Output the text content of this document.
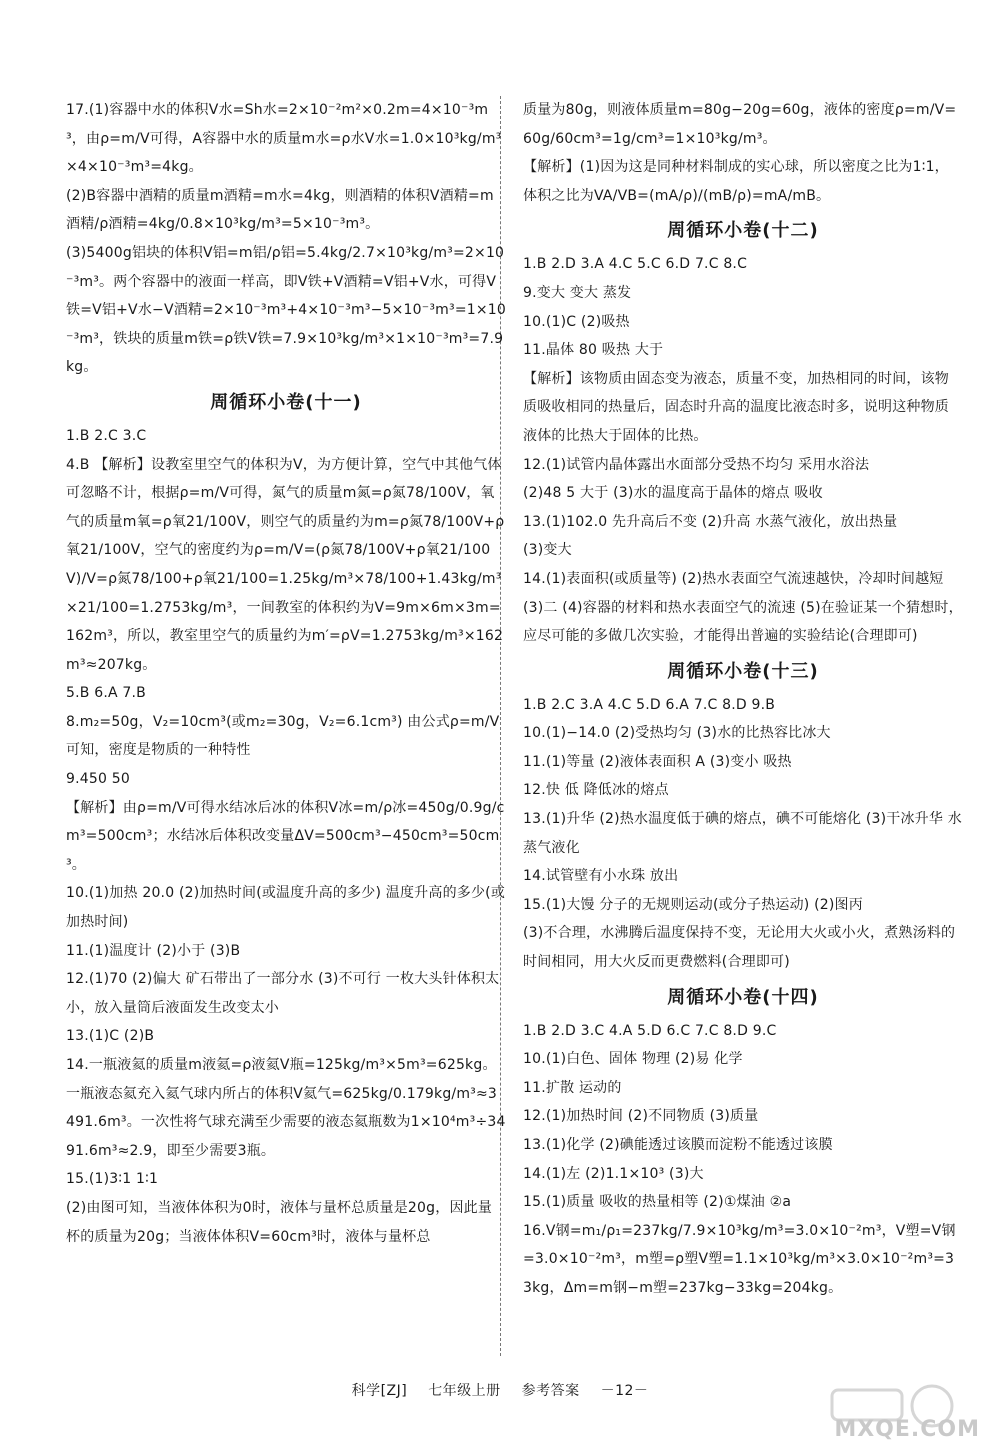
17.(1)容器中水的体积V水=Sh水=2×10⁻²m²×0.2m=4×10⁻³m³，由ρ=m/V可得，A容器中水的质量m水=ρ水V水=1.0×10³kg/m³×4×10⁻³m³=4kg。
(2)B容器中酒精的质量m酒精=m水=4kg，则酒精的体积V酒精=m酒精/ρ酒精=4kg/0.8×10³kg/m³=5×10⁻³m³。
(3)5400g铝块的体积V铝=m铝/ρ铝=5.4kg/2.7×10³kg/m³=2×10⁻³m³。两个容器中的液面一样高，即V铁+V酒精=V铝+V水，可得V铁=V铝+V水−V酒精=2×10⁻³m³+4×10⁻³m³−5×10⁻³m³=1×10⁻³m³，铁块的质量m铁=ρ铁V铁=7.9×10³kg/m³×1×10⁻³m³=7.9kg。
周循环小卷(十一)
1.B 2.C 3.C
4.B 【解析】设教室里空气的体积为V，为方便计算，空气中其他气体可忽略不计，根据ρ=m/V可得，氮气的质量m氮=ρ氮78/100V，氧气的质量m氧=ρ氧21/100V，则空气的质量约为m=ρ氮78/100V+ρ氧21/100V，空气的密度约为ρ=m/V=(ρ氮78/100V+ρ氧21/100V)/V=ρ氮78/100+ρ氧21/100=1.25kg/m³×78/100+1.43kg/m³×21/100=1.2753kg/m³，一间教室的体积约为V=9m×6m×3m=162m³，所以，教室里空气的质量约为m′=ρV=1.2753kg/m³×162m³≈207kg。
5.B 6.A 7.B
8.m₂=50g，V₂=10cm³(或m₂=30g，V₂=6.1cm³) 由公式ρ=m/V可知，密度是物质的一种特性
9.450 50
【解析】由ρ=m/V可得水结冰后冰的体积V冰=m/ρ冰=450g/0.9g/cm³=500cm³；水结冰后体积改变量ΔV=500cm³−450cm³=50cm³。
10.(1)加热 20.0 (2)加热时间(或温度升高的多少) 温度升高的多少(或加热时间)
11.(1)温度计 (2)小于 (3)B
12.(1)70 (2)偏大 矿石带出了一部分水 (3)不可行 一枚大头针体积太小，放入量筒后液面发生改变太小
13.(1)C (2)B
14.一瓶液氦的质量m液氦=ρ液氦V瓶=125kg/m³×5m³=625kg。一瓶液态氦充入氦气球内所占的体积V氦气=625kg/0.179kg/m³≈3491.6m³。一次性将气球充满至少需要的液态氦瓶数为1×10⁴m³÷3491.6m³≈2.9，即至少需要3瓶。
15.(1)3∶1 1∶1
(2)由图可知，当液体体积为0时，液体与量杯总质量是20g，因此量杯的质量为20g；当液体体积V=60cm³时，液体与量杯总
质量为80g，则液体质量m=80g−20g=60g，液体的密度ρ=m/V=60g/60cm³=1g/cm³=1×10³kg/m³。
【解析】(1)因为这是同种材料制成的实心球，所以密度之比为1∶1，体积之比为VA/VB=(mA/ρ)/(mB/ρ)=mA/mB。
周循环小卷(十二)
1.B 2.D 3.A 4.C 5.C 6.D 7.C 8.C
9.变大 变大 蒸发
10.(1)C (2)吸热
11.晶体 80 吸热 大于
【解析】该物质由固态变为液态，质量不变，加热相同的时间，该物质吸收相同的热量后，固态时升高的温度比液态时多，说明这种物质液体的比热大于固体的比热。
12.(1)试管内晶体露出水面部分受热不均匀 采用水浴法
(2)48 5 大于 (3)水的温度高于晶体的熔点 吸收
13.(1)102.0 先升高后不变 (2)升高 水蒸气液化，放出热量
(3)变大
14.(1)表面积(或质量等) (2)热水表面空气流速越快，冷却时间越短 (3)二 (4)容器的材料和热水表面空气的流速 (5)在验证某一个猜想时，应尽可能的多做几次实验，才能得出普遍的实验结论(合理即可)
周循环小卷(十三)
1.B 2.C 3.A 4.C 5.D 6.A 7.C 8.D 9.B
10.(1)−14.0 (2)受热均匀 (3)水的比热容比冰大
11.(1)等量 (2)液体表面积 A (3)变小 吸热
12.快 低 降低冰的熔点
13.(1)升华 (2)热水温度低于碘的熔点，碘不可能熔化 (3)干冰升华 水蒸气液化
14.试管壁有小水珠 放出
15.(1)大馒 分子的无规则运动(或分子热运动) (2)图丙
(3)不合理，水沸腾后温度保持不变，无论用大火或小火，煮熟汤料的时间相同，用大火反而更费燃料(合理即可)
周循环小卷(十四)
1.B 2.D 3.C 4.A 5.D 6.C 7.C 8.D 9.C
10.(1)白色、固体 物理 (2)易 化学
11.扩散 运动的
12.(1)加热时间 (2)不同物质 (3)质量
13.(1)化学 (2)碘能透过该膜而淀粉不能透过该膜
14.(1)左 (2)1.1×10³ (3)大
15.(1)质量 吸收的热量相等 (2)①煤油 ②a
16.V钢=m₁/ρ₁=237kg/7.9×10³kg/m³=3.0×10⁻²m³，V塑=V钢=3.0×10⁻²m³，m塑=ρ塑V塑=1.1×10³kg/m³×3.0×10⁻²m³=33kg，Δm=m钢−m塑=237kg−33kg=204kg。
科学[ZJ] 七年级上册 参考答案 －12－
MXQE.COM
